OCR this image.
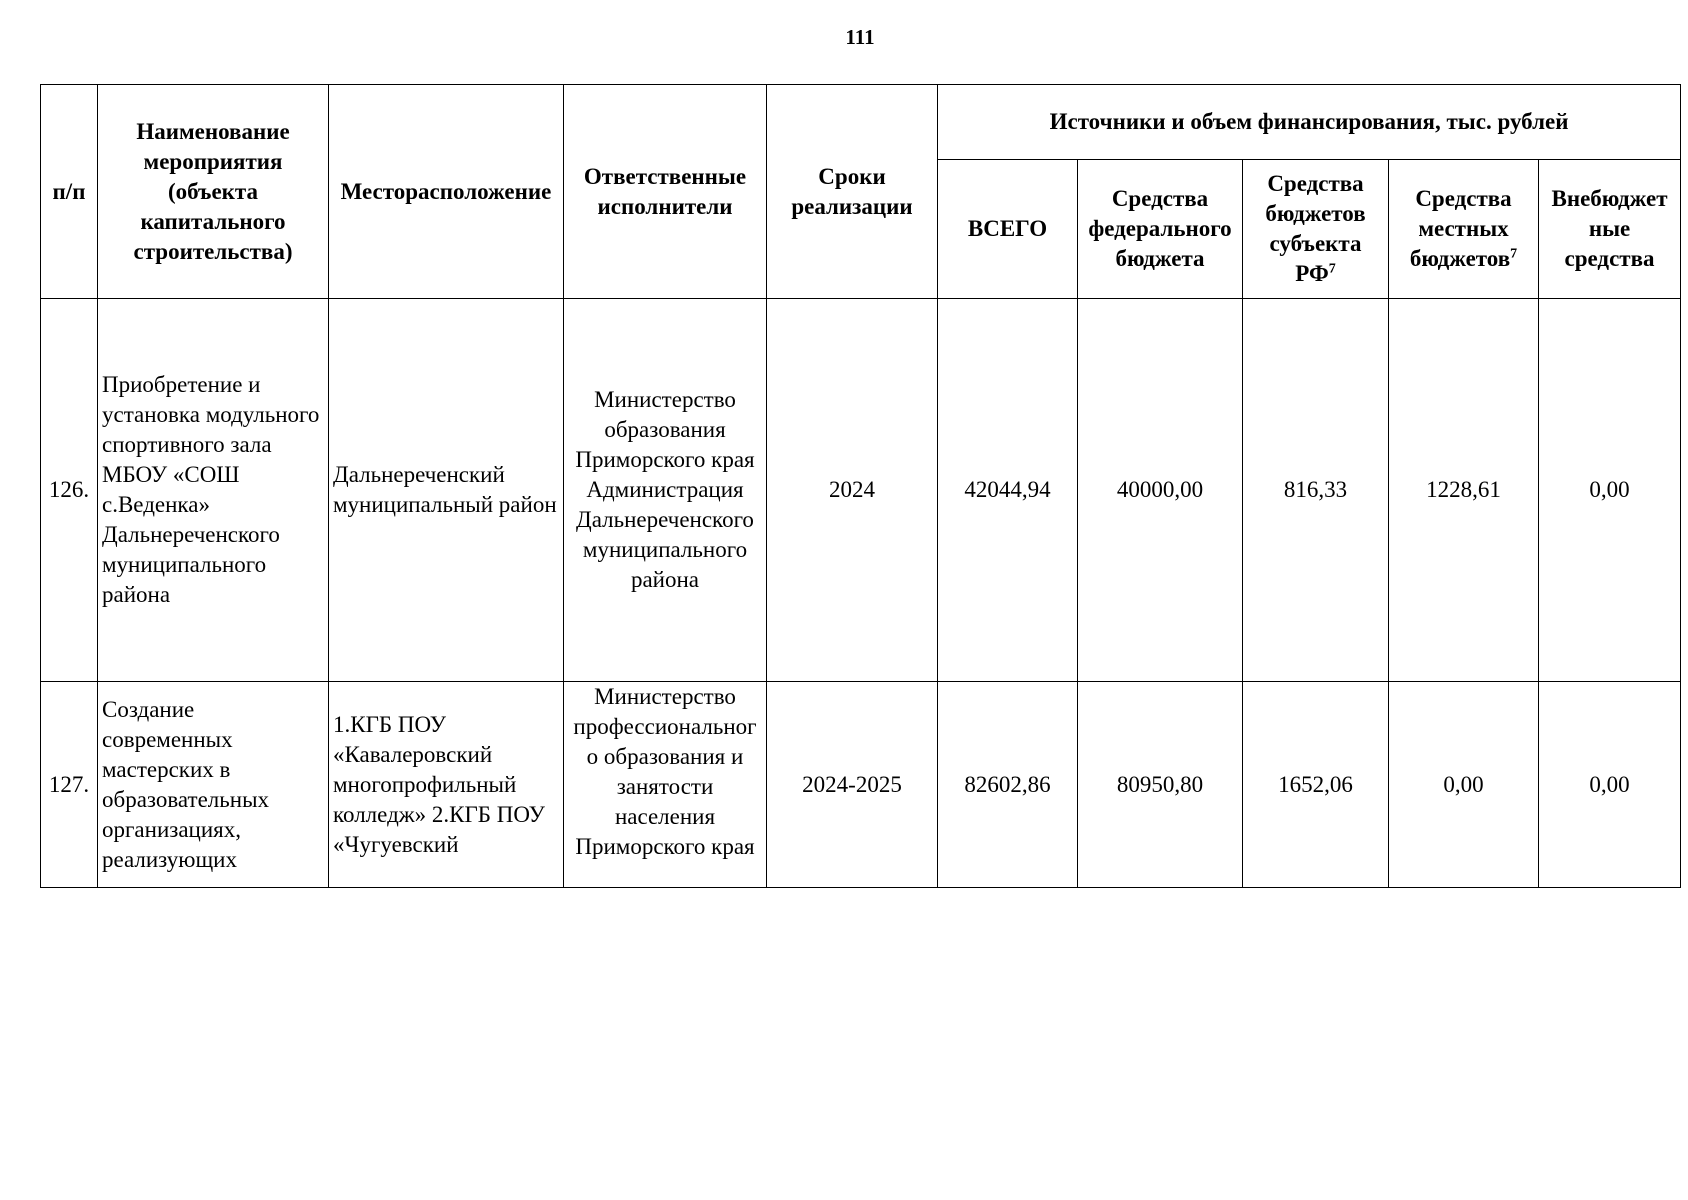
111
п/п	Наименование мероприятия (объекта капитального строительства)	Месторасположение	Ответственные исполнители	Сроки реализации	Источники и объем финансирования, тыс. рублей				
					ВСЕГО	Средства федерального бюджета	Средства бюджетов субъекта $РФ^7$	Средства местных бюджетов$^7$	Внебюджет ные средства
126.	Приобретение и установка модульного спортивного зала МБОУ «СОШ с.Веденка» Дальнереченского муниципального района	Дальнереченский муниципальный район	Министерство образования Приморского края Администрация Дальнереченского муниципального района	2024	42044,94	40000,00	816,33	1228,61	0,00
127.	Создание современных мастерских в образовательных организациях, реализующих	1.КГБ ПОУ «Кавалеровский многопрофильный колледж» 2.КГБ ПОУ «Чугуевский	Министерство профессиональног о образования и занятости населения Приморского края	2024-2025	82602,86	80950,80	1652,06	0,00	0,00
